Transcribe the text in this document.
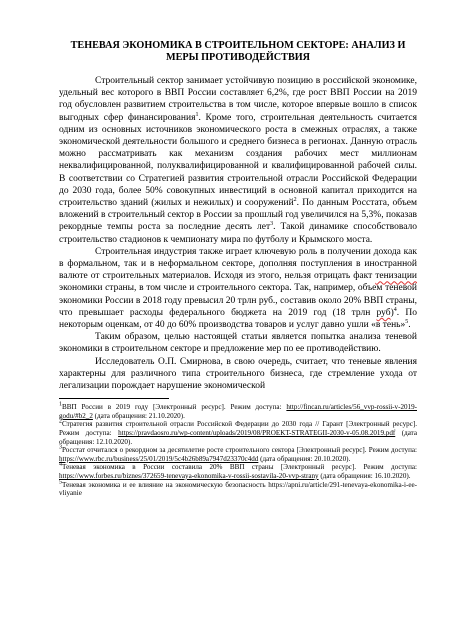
ТЕНЕВАЯ ЭКОНОМИКА В СТРОИТЕЛЬНОМ СЕКТОРЕ: АНАЛИЗ И МЕРЫ ПРОТИВОДЕЙСТВИЯ

Строительный сектор занимает устойчивую позицию в российской экономике, удельный вес которого в ВВП России составляет 6,2%, где рост ВВП России на 2019 год обусловлен развитием строительства в том числе, которое впервые вошло в список выгодных сфер финансирования$^1$. Кроме того, строительная деятельность считается одним из основных источников экономического роста в смежных отраслях, а также экономической деятельности большого и среднего бизнеса в регионах. Данную отрасль можно рассматривать как механизм создания рабочих мест миллионам неквалифицированной, полуквалифицированной и квалифицированной рабочей силы. В соответствии со Стратегией развития строительной отрасли Российской Федерации до 2030 года, более 50% совокупных инвестиций в основной капитал приходится на строительство зданий (жилых и нежилых) и сооружений$^2$. По данным Росстата, объем вложений в строительный сектор в России за прошлый год увеличился на 5,3%, показав рекордные темпы роста за последние десять лет$^3$. Такой динамике способствовало строительство стадионов к чемпионату мира по футболу и Крымского моста.

Строительная индустрия также играет ключевую роль в получении дохода как в формальном, так и в неформальном секторе, дополняя поступления в иностранной валюте от строительных материалов. Исходя из этого, нельзя отрицать факт тенизации экономики страны, в том числе и строительного сектора. Так, например, объем теневой экономики России в 2018 году превысил 20 трлн руб., составив около 20% ВВП страны, что превышает расходы федерального бюджета на 2019 год (18 трлн руб)$^4$. По некоторым оценкам, от 40 до 60% производства товаров и услуг давно ушли «в тень»$^5$.

Таким образом, целью настоящей статьи является попытка анализа теневой экономики в строительном секторе и предложение мер по ее противодействию.

Исследователь О.П. Смирнова, в свою очередь, считает, что теневые явления характерны для различного типа строительного бизнеса, где стремление ухода от легализации порождает нарушение экономической

$^1$ВВП России в 2019 году [Электронный ресурс]. Режим доступа: http://fincan.ru/articles/56_vvp-rossii-v-2019-godu/#b2_2 (дата обращения: 21.10.2020).

$^2$Стратегия развития строительной отрасли Российской Федерации до 2030 года // Гарант [Электронный ресурс]. Режим доступа: https://pravdaosro.ru/wp-content/uploads/2019/08/PROEKT-STRATEGII-2030-v-05.08.2019.pdf (дата обращения: 12.10.2020).

$^3$Росстат отчитался о рекордном за десятилетие росте строительного сектора [Электронный ресурс]. Режим доступа: https://www.rbc.ru/business/25/01/2019/5c4b26b89a7947d23370c4dd (дата обращения: 20.10.2020).

$^4$Теневая экономика в России составила 20% ВВП страны [Электронный ресурс]. Режим доступа: https://www.forbes.ru/biznes/372659-tenevaya-ekonomika-v-rossii-sostavila-20-vvp-strany (дата обращения: 16.10.2020).

$^5$Теневая экономика и ее влияние на экономическую безопасность https://apni.ru/article/291-tenevaya-ekonomika-i-ee-vliyanie
